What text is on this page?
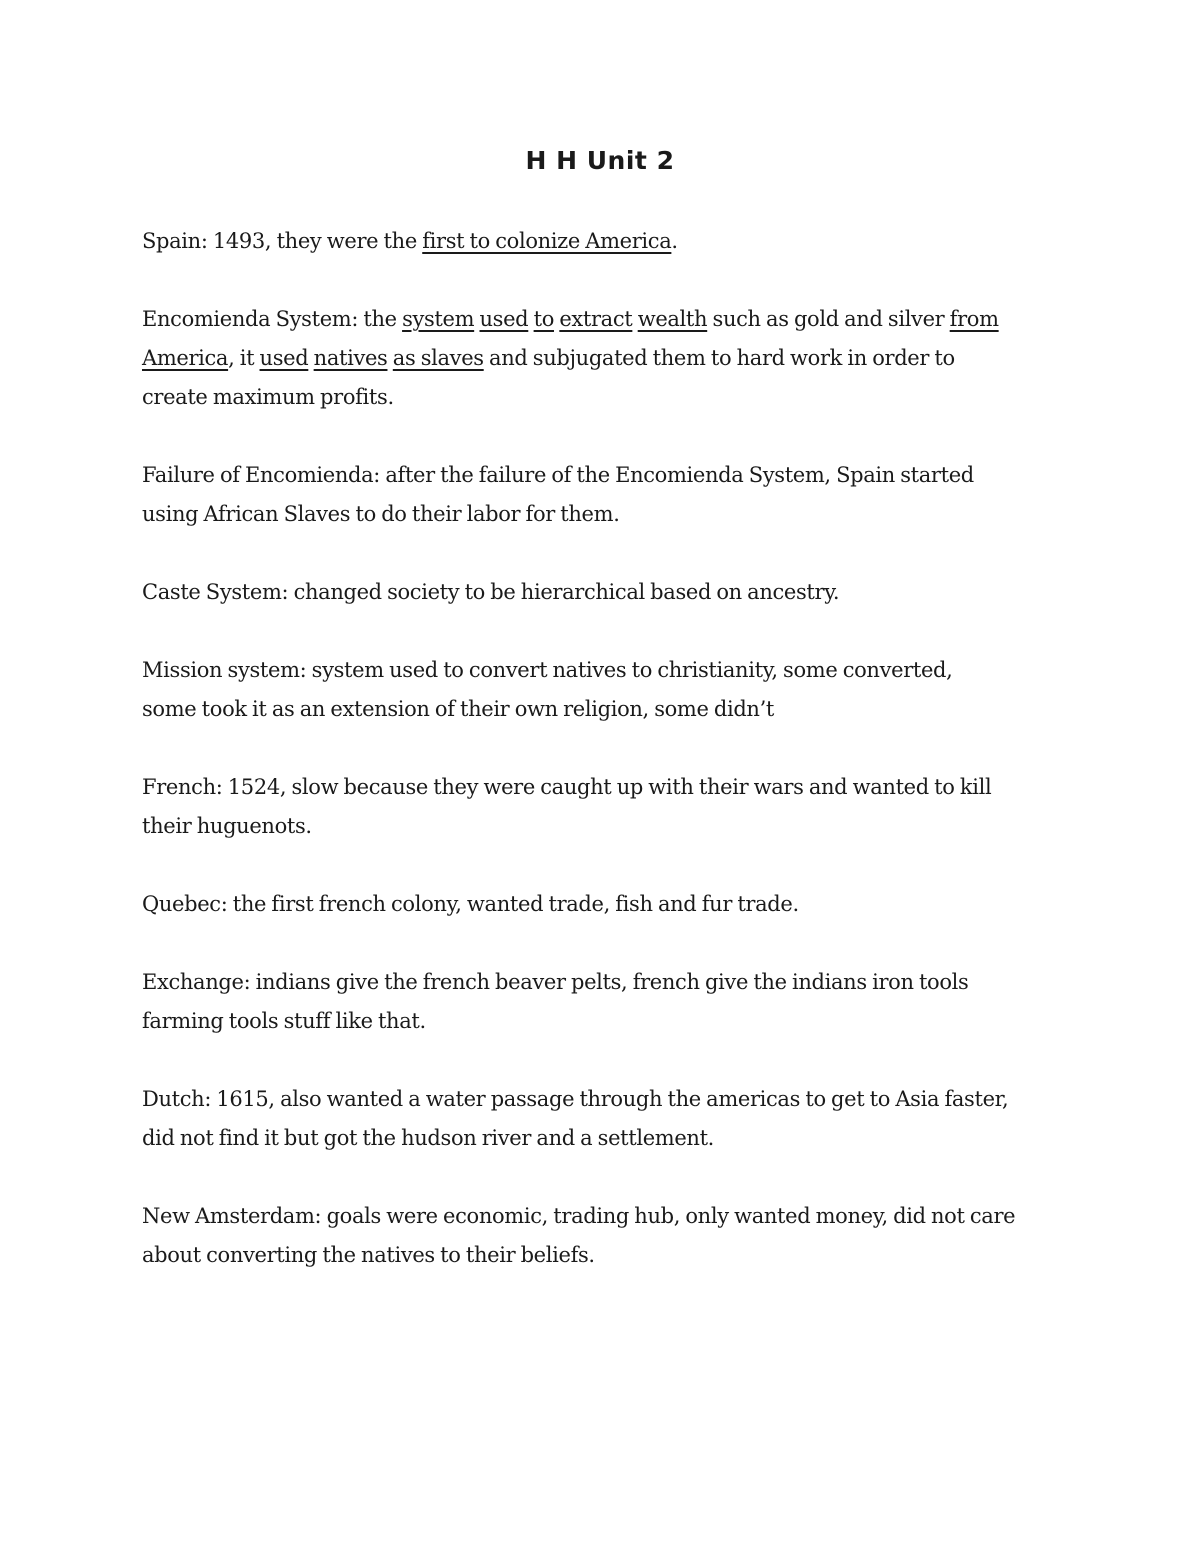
H H Unit 2

Spain: 1493, they were the first to colonize America.

Encomienda System: the system used to extract wealth such as gold and silver from
America, it used natives as slaves and subjugated them to hard work in order to
create maximum profits.

Failure of Encomienda: after the failure of the Encomienda System, Spain started
using African Slaves to do their labor for them.

Caste System: changed society to be hierarchical based on ancestry.

Mission system: system used to convert natives to christianity, some converted,
some took it as an extension of their own religion, some didn’t

French: 1524, slow because they were caught up with their wars and wanted to kill
their huguenots.

Quebec: the first french colony, wanted trade, fish and fur trade.

Exchange: indians give the french beaver pelts, french give the indians iron tools
farming tools stuff like that.

Dutch: 1615, also wanted a water passage through the americas to get to Asia faster,
did not find it but got the hudson river and a settlement.

New Amsterdam: goals were economic, trading hub, only wanted money, did not care
about converting the natives to their beliefs.
